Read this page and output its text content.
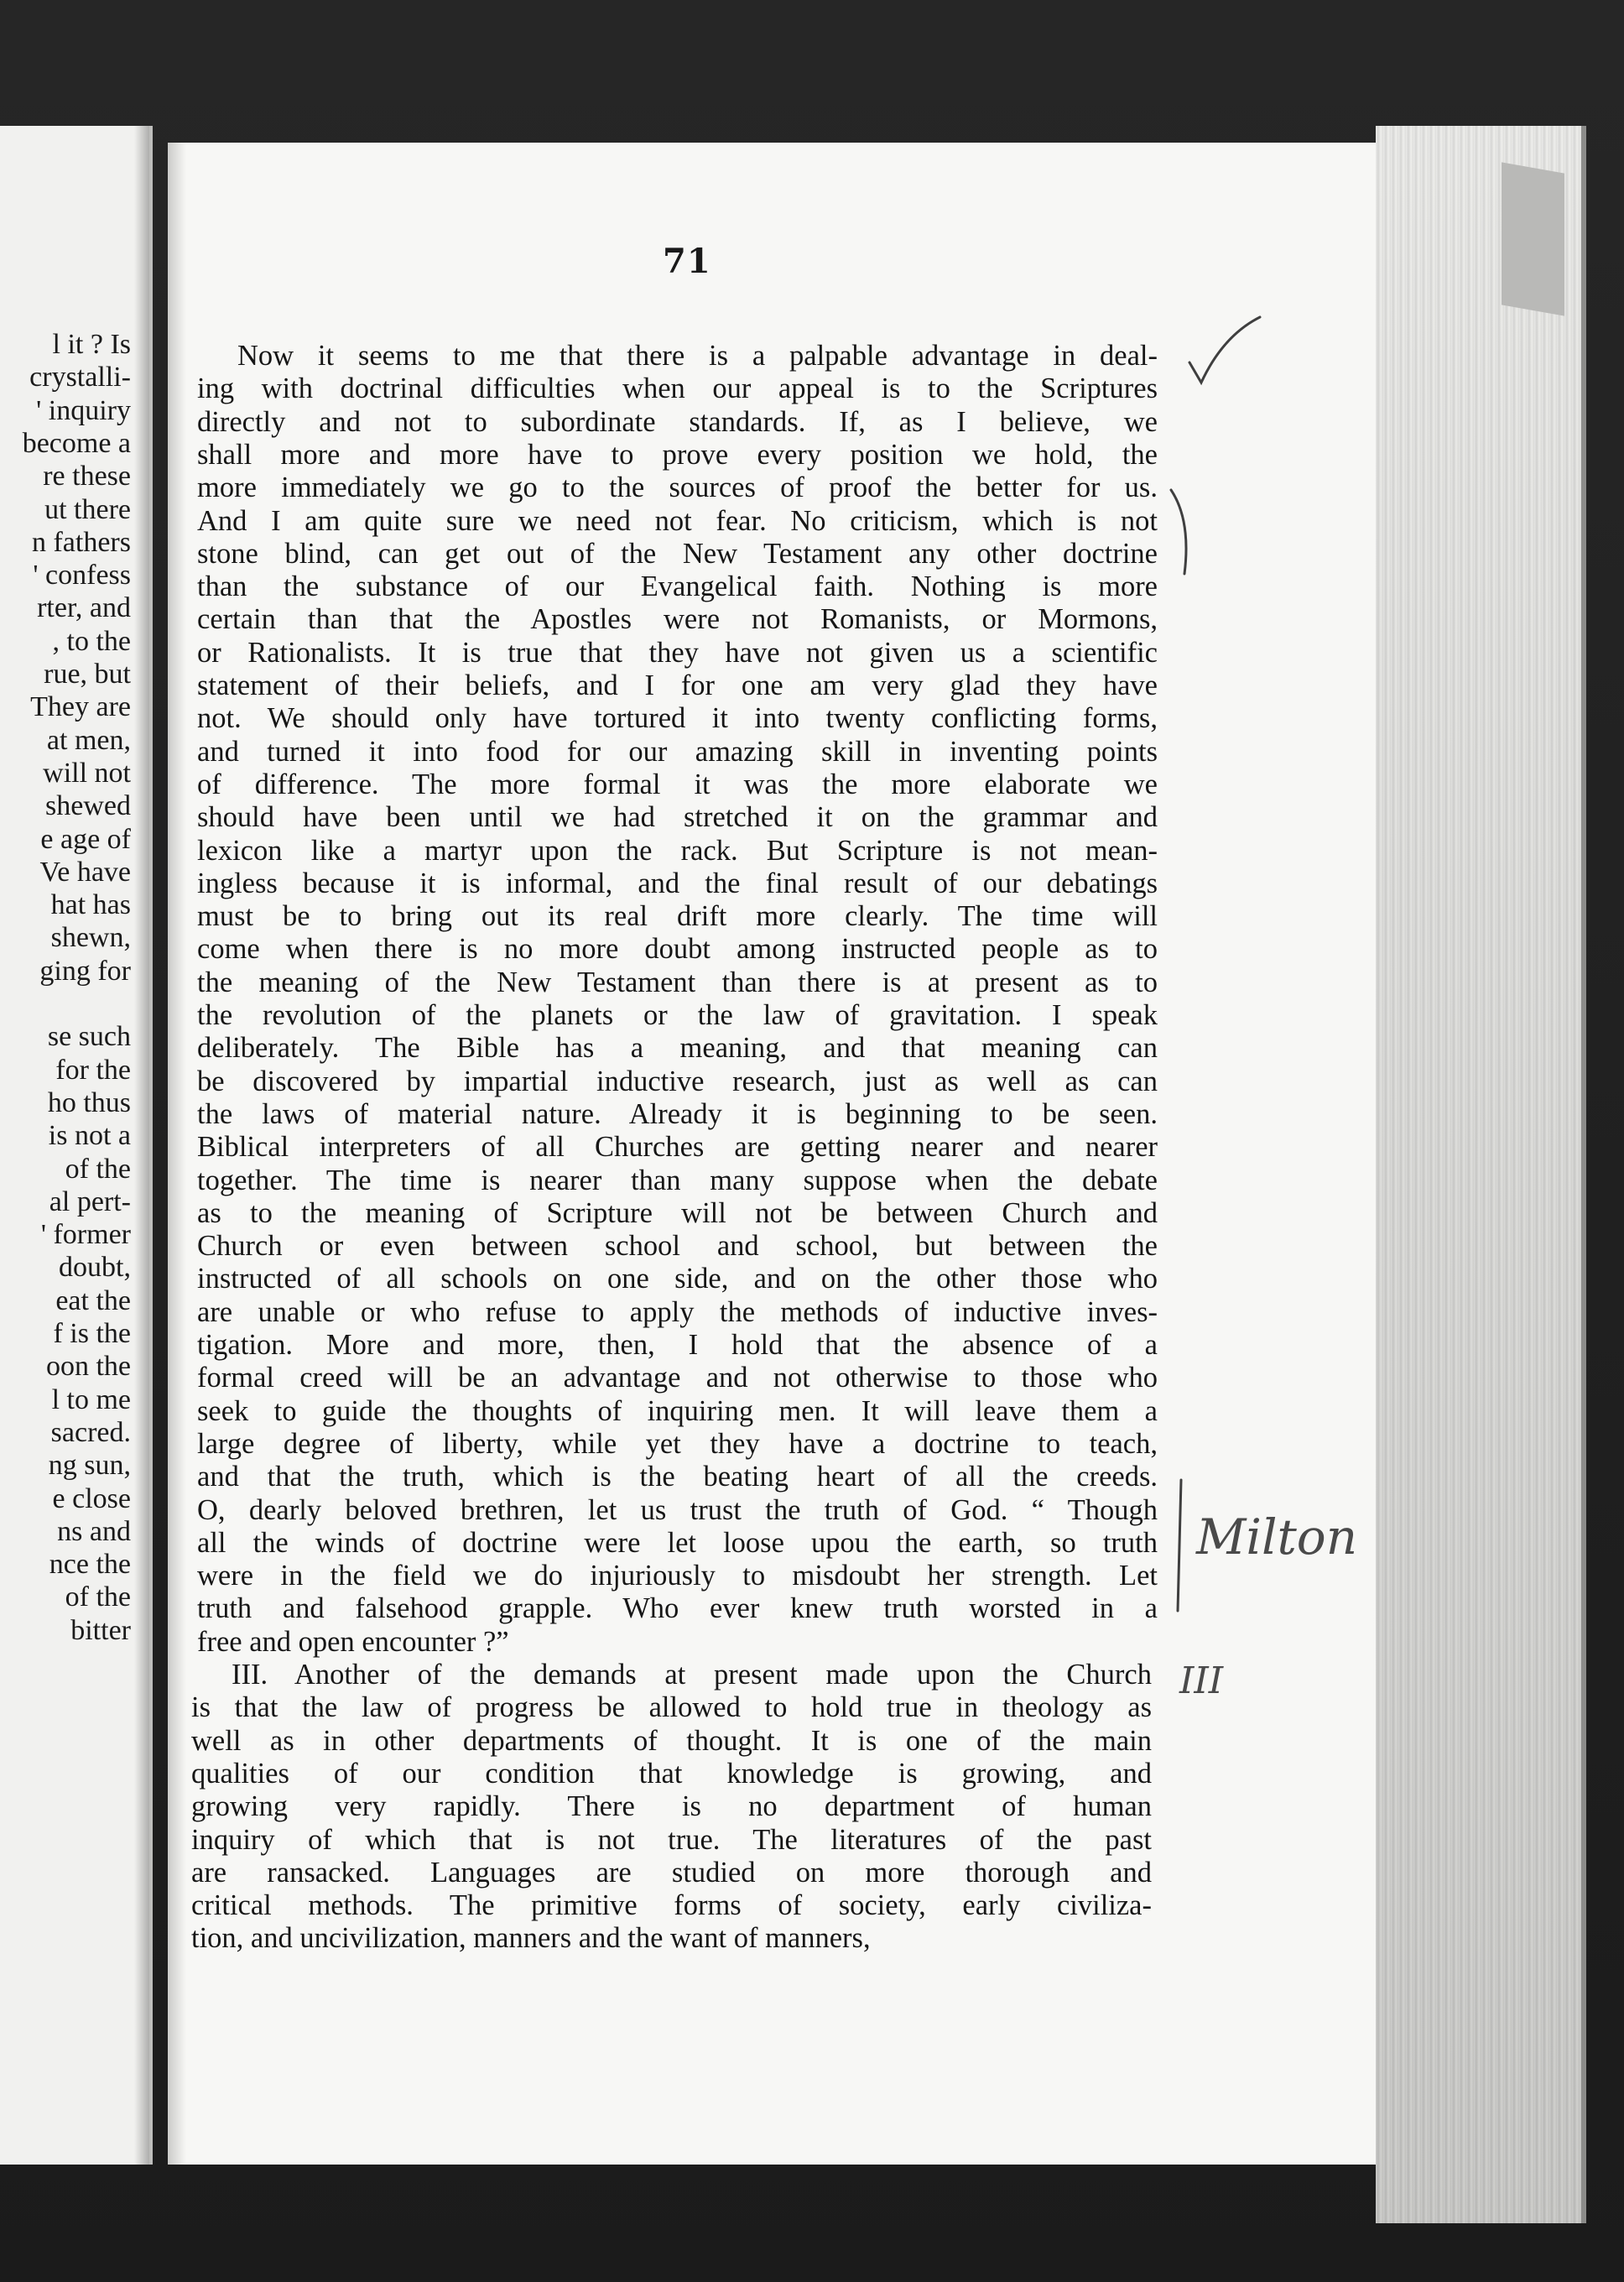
l it ? Is
crystalli-
' inquiry
become a
re these
ut there
n fathers
' confess
rter, and
, to the
rue, but
They are
at men,
will not
shewed
e age of
Ve have
hat has
shewn,
ging for
se such
for the
ho thus
is not a
of the
al pert-
' former
doubt,
eat the
f is the
oon the
l to me
sacred.
ng sun,
e close
ns and
nce the
of the
bitter
71
Now it seems to me that there is a palpable advantage in deal-
ing with doctrinal difficulties when our appeal is to the Scriptures
directly and not to subordinate standards. If, as I believe, we
shall more and more have to prove every position we hold, the
more immediately we go to the sources of proof the better for us.
And I am quite sure we need not fear. No criticism, which is not
stone blind, can get out of the New Testament any other doctrine
than the substance of our Evangelical faith. Nothing is more
certain than that the Apostles were not Romanists, or Mormons,
or Rationalists. It is true that they have not given us a scientific
statement of their beliefs, and I for one am very glad they have
not. We should only have tortured it into twenty conflicting forms,
and turned it into food for our amazing skill in inventing points
of difference. The more formal it was the more elaborate we
should have been until we had stretched it on the grammar and
lexicon like a martyr upon the rack. But Scripture is not mean-
ingless because it is informal, and the final result of our debatings
must be to bring out its real drift more clearly. The time will
come when there is no more doubt among instructed people as to
the meaning of the New Testament than there is at present as to
the revolution of the planets or the law of gravitation. I speak
deliberately. The Bible has a meaning, and that meaning can
be discovered by impartial inductive research, just as well as can
the laws of material nature. Already it is beginning to be seen.
Biblical interpreters of all Churches are getting nearer and nearer
together. The time is nearer than many suppose when the debate
as to the meaning of Scripture will not be between Church and
Church or even between school and school, but between the
instructed of all schools on one side, and on the other those who
are unable or who refuse to apply the methods of inductive inves-
tigation. More and more, then, I hold that the absence of a
formal creed will be an advantage and not otherwise to those who
seek to guide the thoughts of inquiring men. It will leave them a
large degree of liberty, while yet they have a doctrine to teach,
and that the truth, which is the beating heart of all the creeds.
O, dearly beloved brethren, let us trust the truth of God. “ Though
all the winds of doctrine were let loose upou the earth, so truth
were in the field we do injuriously to misdoubt her strength. Let
truth and falsehood grapple. Who ever knew truth worsted in a
free and open encounter ?”
III. Another of the demands at present made upon the Church
is that the law of progress be allowed to hold true in theology as
well as in other departments of thought. It is one of the main
qualities of our condition that knowledge is growing, and
growing very rapidly. There is no department of human
inquiry of which that is not true. The literatures of the past
are ransacked. Languages are studied on more thorough and
critical methods. The primitive forms of society, early civiliza-
tion, and uncivilization, manners and the want of manners,
Milton
III
